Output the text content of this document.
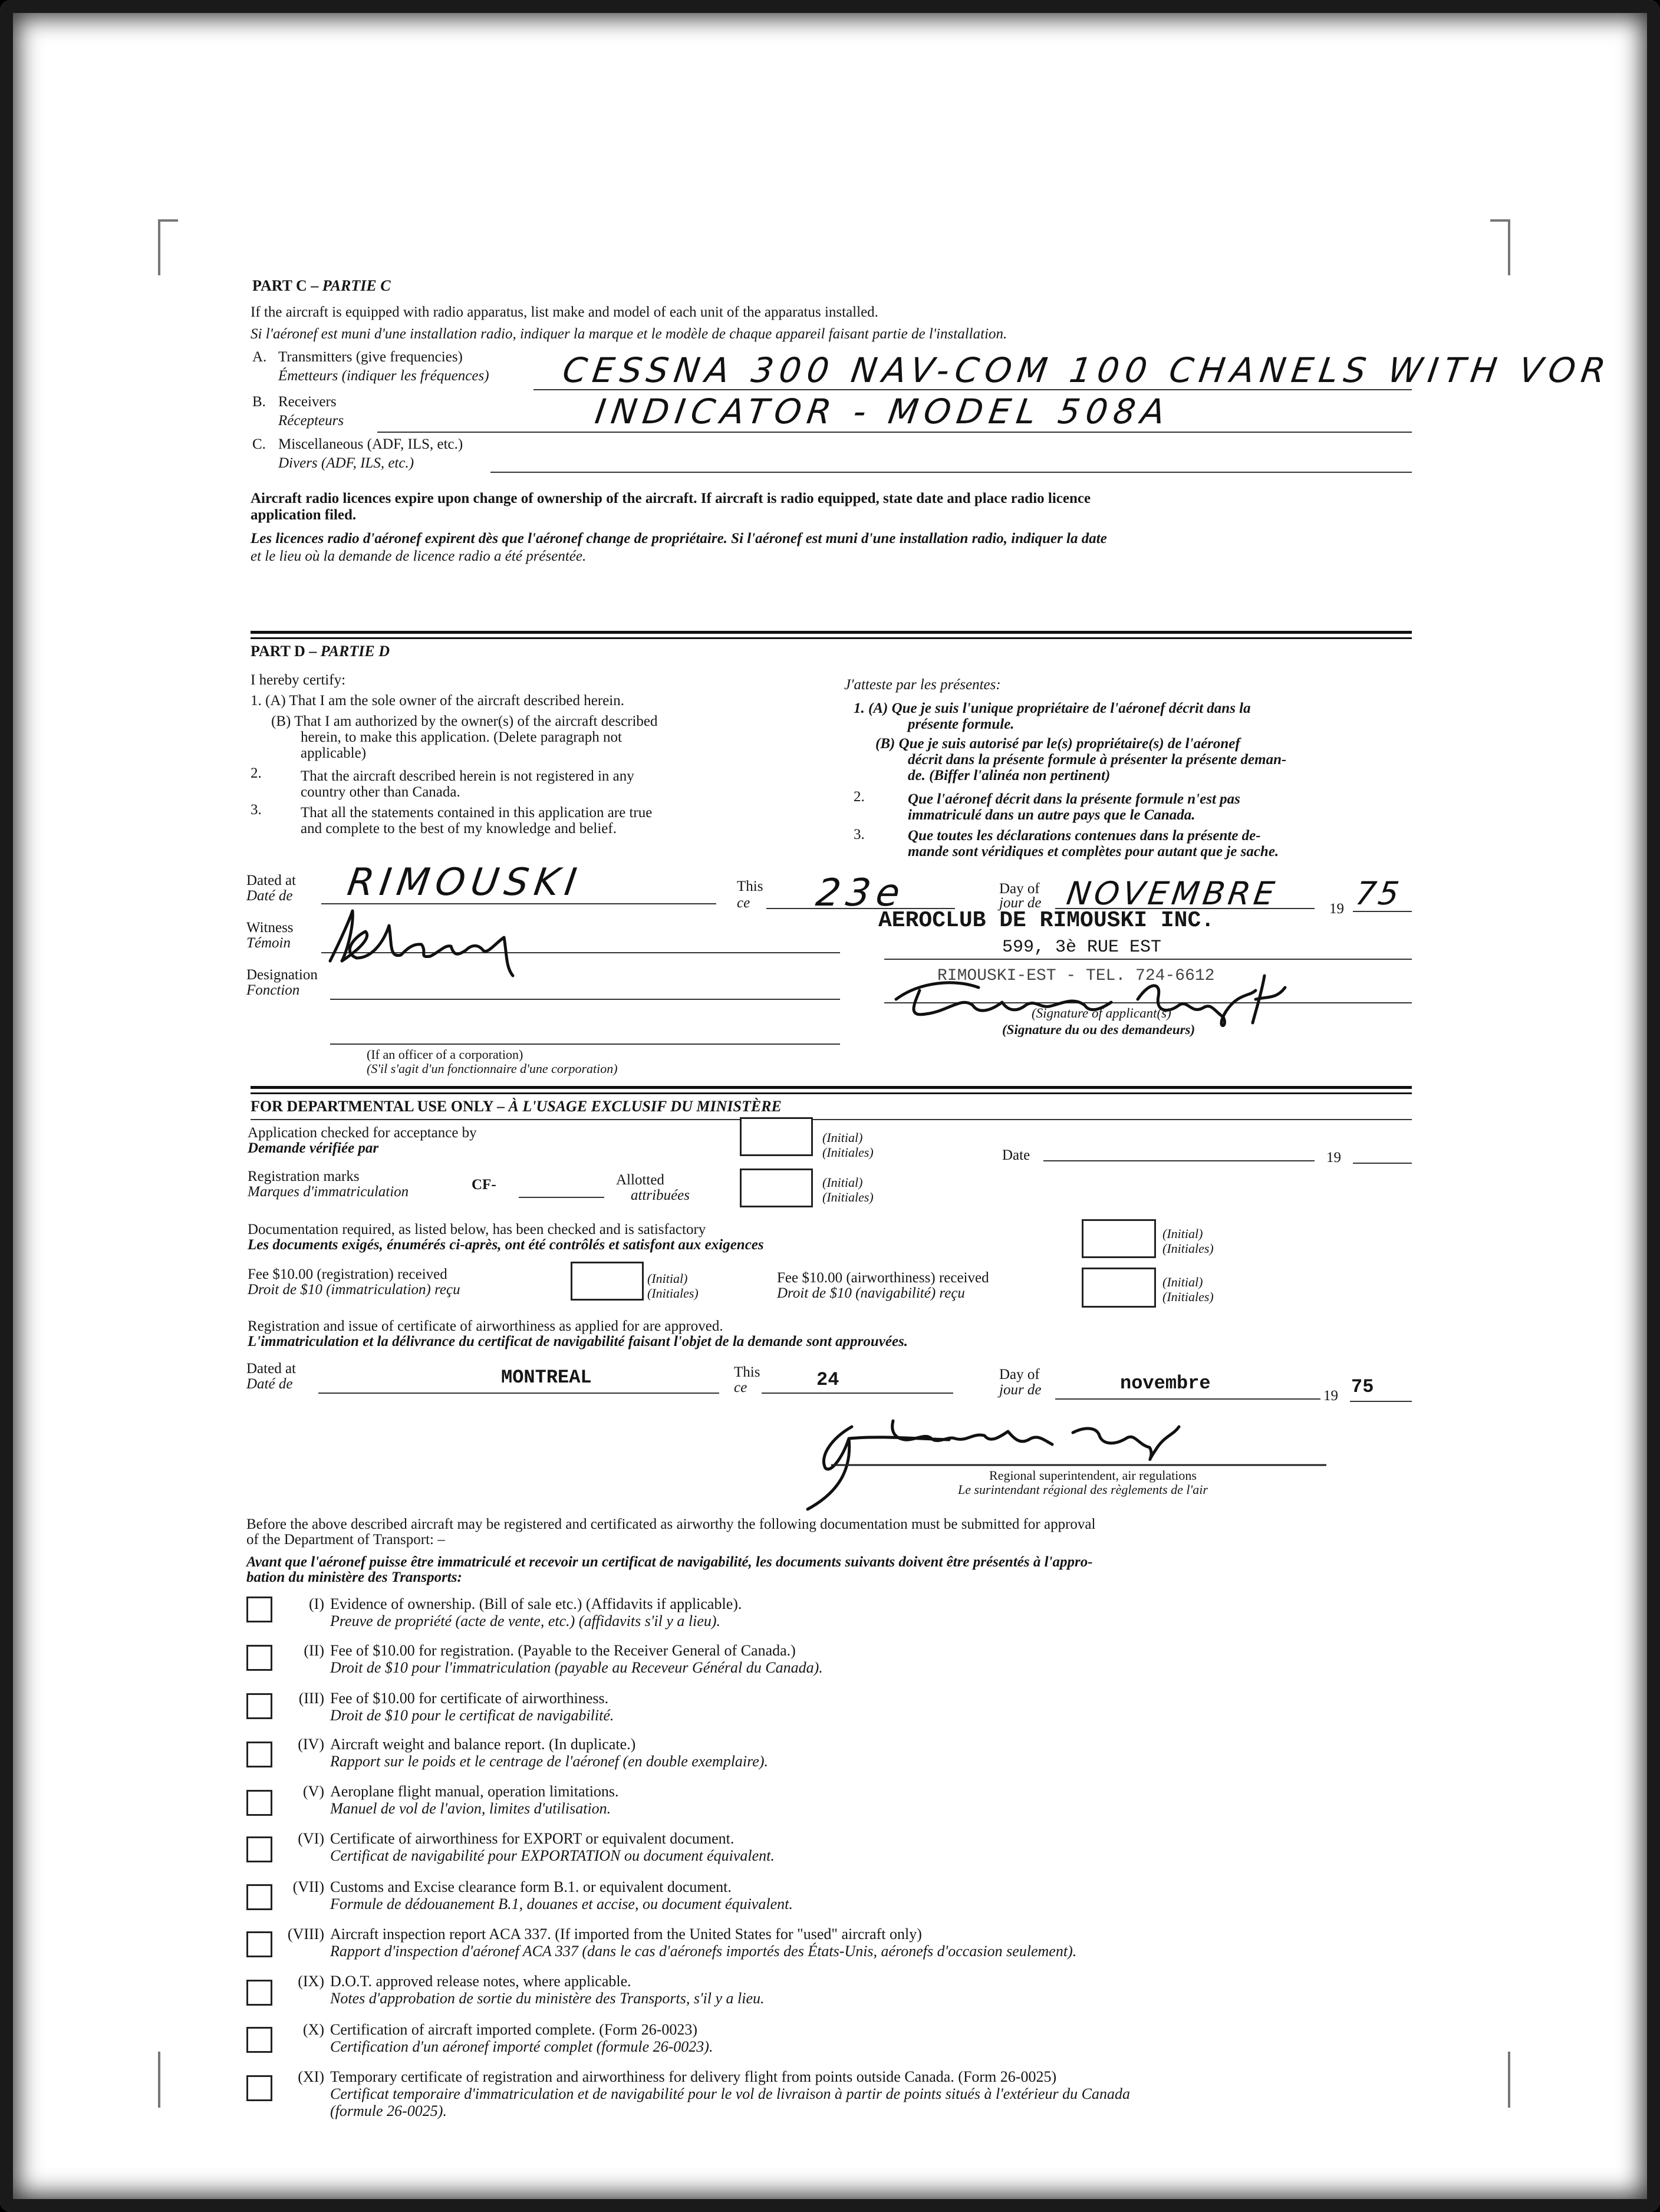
PART C – PARTIE C
If the aircraft is equipped with radio apparatus, list make and model of each unit of the apparatus installed.
Si l'aéronef est muni d'une installation radio, indiquer la marque et le modèle de chaque appareil faisant partie de l'installation.
A. Transmitters (give frequencies)
Émetteurs (indiquer les fréquences) CESSNA 300 NAV-COM 100 CHANELS WITH VOR
B. Receivers
Récepteurs	INDICATOR - MODEL 508A
C. Miscellaneous (ADF, ILS, etc.)
Divers (ADF, ILS, etc.)
Aircraft radio licences expire upon change of ownership of the aircraft. If aircraft is radio equipped, state date and place radio licence
application filed.
Les licences radio d'aéronef expirent dès que l'aéronef change de propriétaire. Si l'aéronef est muni d'une installation radio, indiquer la date
et le lieu où la demande de licence radio a été présentée.
PART D – PARTIE D
I hereby certify:
1. (A) That I am the sole owner of the aircraft described herein.
(B) That I am authorized by the owner(s) of the aircraft described
herein, to make this application. (Delete paragraph not
applicable)
2.	That the aircraft described herein is not registered in any
country other than Canada.
3.	That all the statements contained in this application are true
and complete to the best of my knowledge and belief.
J'atteste par les présentes:
1. (A) Que je suis l'unique propriétaire de l'aéronef décrit dans la
présente formule.
(B) Que je suis autorisé par le(s) propriétaire(s) de l'aéronef
décrit dans la présente formule à présenter la présente deman-
de. (Biffer l'alinéa non pertinent)
2.	Que l'aéronef décrit dans la présente formule n'est pas
immatriculé dans un autre pays que le Canada.
3.	Que toutes les déclarations contenues dans la présente de-
mande sont véridiques et complètes pour autant que je sache.
Dated at
Daté de RIMOUSKI	This
ce 23e	Day of
jour de NOVEMBRE	19 75
Witness
Témoin
AEROCLUB DE RIMOUSKI INC.
599, 3è RUE EST
RIMOUSKI-EST - TEL. 724-6612
(Signature of applicant(s)
(Signature du ou des demandeurs)
Designation
Fonction
(If an officer of a corporation)
(S'il s'agit d'un fonctionnaire d'une corporation)
FOR DEPARTMENTAL USE ONLY – À L'USAGE EXCLUSIF DU MINISTÈRE
Application checked for acceptance by
Demande vérifiée par
(Initial)
(Initiales)	Date	19
Registration marks
Marques d'immatriculation	CF-	Allotted
attribuées
(Initial)
(Initiales)
Documentation required, as listed below, has been checked and is satisfactory
Les documents exigés, énumérés ci-après, ont été contrôlés et satisfont aux exigences
(Initial)
(Initiales)
Fee $10.00 (registration) received
Droit de $10 (immatriculation) reçu
(Initial)
(Initiales)
Fee $10.00 (airworthiness) received
Droit de $10 (navigabilité) reçu
(Initial)
(Initiales)
Registration and issue of certificate of airworthiness as applied for are approved.
L'immatriculation et la délivrance du certificat de navigabilité faisant l'objet de la demande sont approuvées.
Dated at
Daté de	MONTREAL	This
ce	24	Day of
jour de	novembre
19 75
Regional superintendent, air regulations
Le surintendant régional des règlements de l'air
Before the above described aircraft may be registered and certificated as airworthy the following documentation must be submitted for approval
of the Department of Transport: –
Avant que l'aéronef puisse être immatriculé et recevoir un certificat de navigabilité, les documents suivants doivent être présentés à l'appro-
bation du ministère des Transports:
(I) Evidence of ownership. (Bill of sale etc.) (Affidavits if applicable).
Preuve de propriété (acte de vente, etc.) (affidavits s'il y a lieu).
(II) Fee of $10.00 for registration. (Payable to the Receiver General of Canada.)
Droit de $10 pour l'immatriculation (payable au Receveur Général du Canada).
(III) Fee of $10.00 for certificate of airworthiness.
Droit de $10 pour le certificat de navigabilité.
(IV) Aircraft weight and balance report. (In duplicate.)
Rapport sur le poids et le centrage de l'aéronef (en double exemplaire).
(V) Aeroplane flight manual, operation limitations.
Manuel de vol de l'avion, limites d'utilisation.
(VI) Certificate of airworthiness for EXPORT or equivalent document.
Certificat de navigabilité pour EXPORTATION ou document équivalent.
(VII) Customs and Excise clearance form B.1. or equivalent document.
Formule de dédouanement B.1, douanes et accise, ou document équivalent.
(VIII) Aircraft inspection report ACA 337. (If imported from the United States for "used" aircraft only)
Rapport d'inspection d'aéronef ACA 337 (dans le cas d'aéronefs importés des États-Unis, aéronefs d'occasion seulement).
(IX) D.O.T. approved release notes, where applicable.
Notes d'approbation de sortie du ministère des Transports, s'il y a lieu.
(X) Certification of aircraft imported complete. (Form 26-0023)
Certification d'un aéronef importé complet (formule 26-0023).
(XI) Temporary certificate of registration and airworthiness for delivery flight from points outside Canada. (Form 26-0025)
Certificat temporaire d'immatriculation et de navigabilité pour le vol de livraison à partir de points situés à l'extérieur du Canada
(formule 26-0025).
